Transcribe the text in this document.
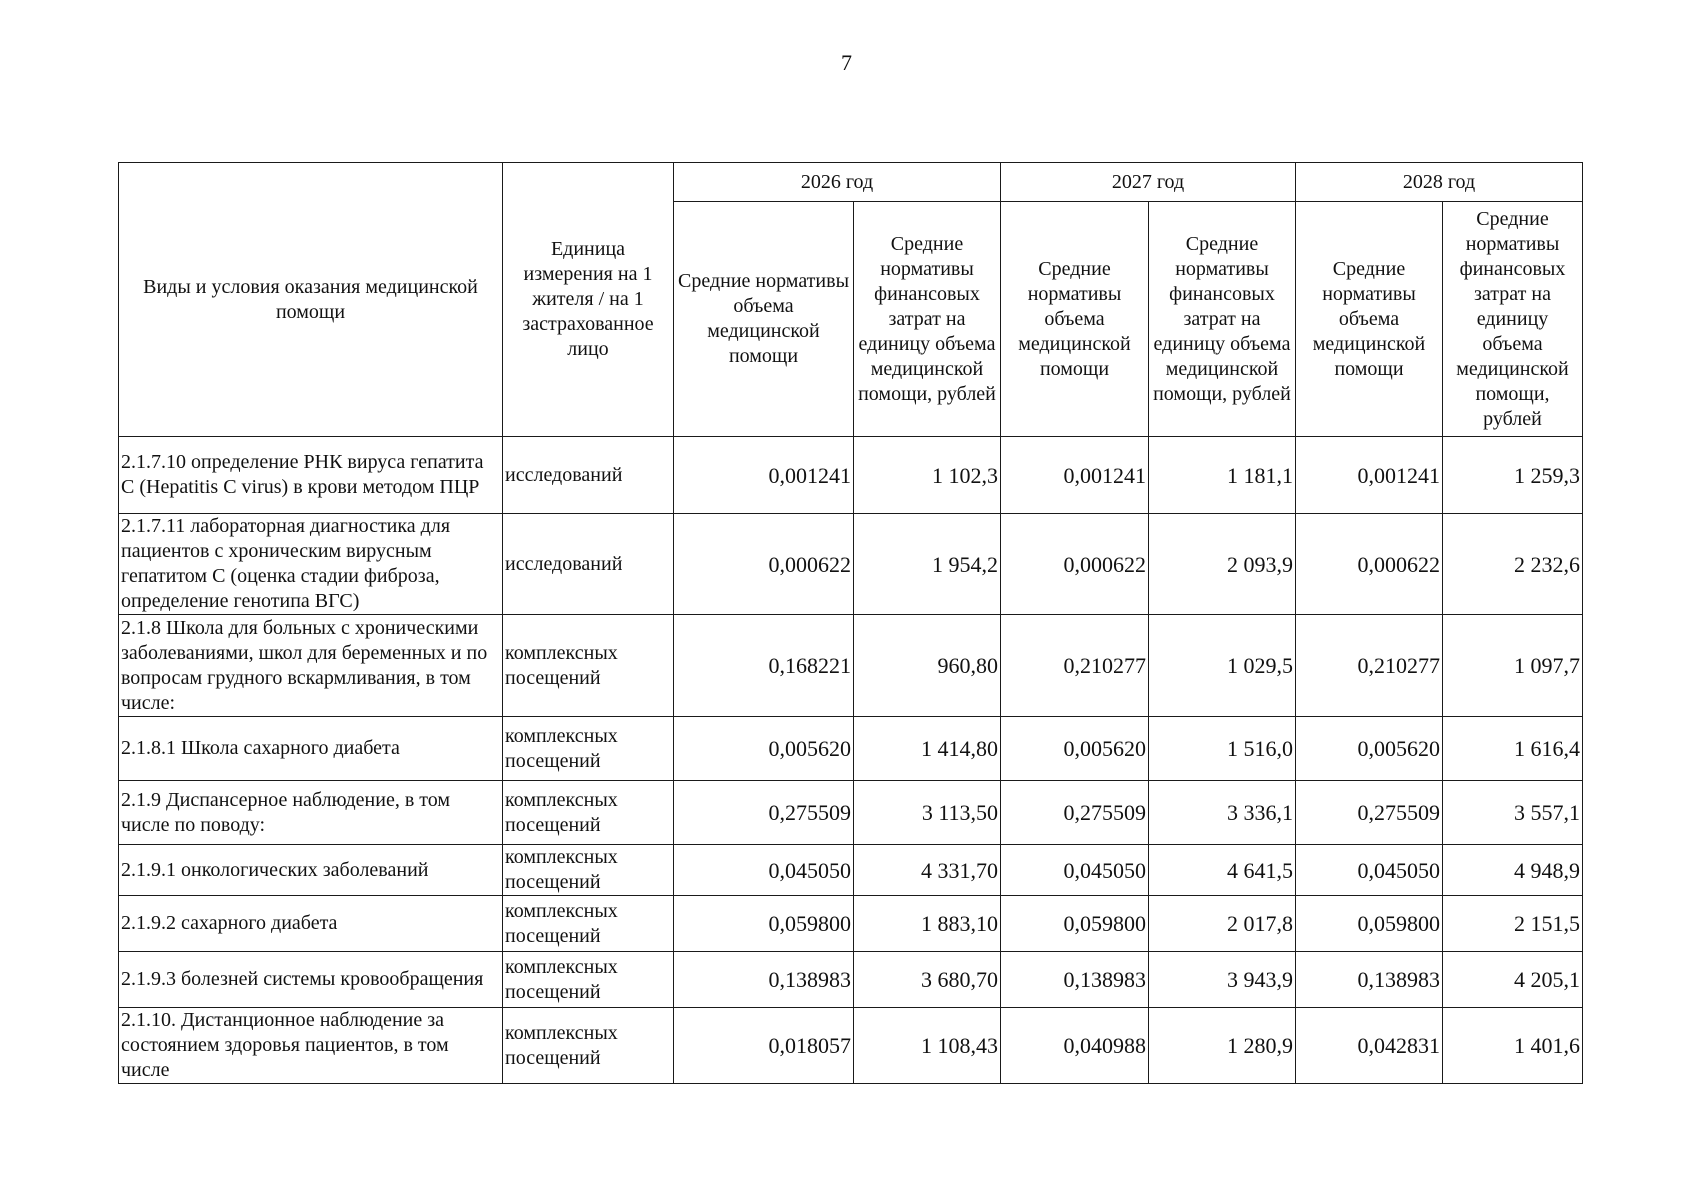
7
Виды и условия оказания медицинской помощи	Единица измерения на 1 жителя / на 1 застрахованное лицо	2026 год		2027 год		2028 год	
		Средние нормативы объема медицинской помощи	Средние нормативы финансовых затрат на единицу объема медицинской помощи, рублей	Средние нормативы объема медицинской помощи	Средние нормативы финансовых затрат на единицу объема медицинской помощи, рублей	Средние нормативы объема медицинской помощи	Средние нормативы финансовых затрат на единицу объема медицинской помощи, рублей
2.1.7.10 определение РНК вируса гепатита С (Hepatitis C virus) в крови методом ПЦР	исследований	0,001241	1 102,3	0,001241	1 181,1	0,001241	1 259,3
2.1.7.11 лабораторная диагностика для пациентов с хроническим вирусным гепатитом С (оценка стадии фиброза, определение генотипа ВГС)	исследований	0,000622	1 954,2	0,000622	2 093,9	0,000622	2 232,6
2.1.8 Школа для больных с хроническими заболеваниями, школ для беременных и по вопросам грудного вскармливания, в том числе:	комплексных посещений	0,168221	960,80	0,210277	1 029,5	0,210277	1 097,7
2.1.8.1 Школа сахарного диабета	комплексных посещений	0,005620	1 414,80	0,005620	1 516,0	0,005620	1 616,4
2.1.9 Диспансерное наблюдение, в том числе по поводу:	комплексных посещений	0,275509	3 113,50	0,275509	3 336,1	0,275509	3 557,1
2.1.9.1 онкологических заболеваний	комплексных посещений	0,045050	4 331,70	0,045050	4 641,5	0,045050	4 948,9
2.1.9.2 сахарного диабета	комплексных посещений	0,059800	1 883,10	0,059800	2 017,8	0,059800	2 151,5
2.1.9.3 болезней системы кровообращения	комплексных посещений	0,138983	3 680,70	0,138983	3 943,9	0,138983	4 205,1
2.1.10. Дистанционное наблюдение за состоянием здоровья пациентов, в том числе	комплексных посещений	0,018057	1 108,43	0,040988	1 280,9	0,042831	1 401,6
